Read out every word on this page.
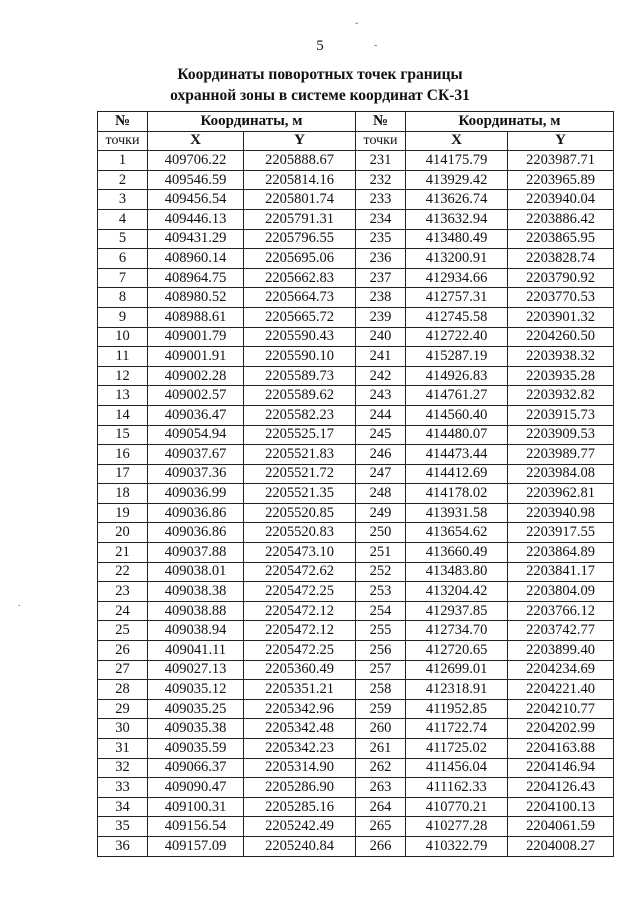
5
Координаты поворотных точек границы
охранной зоны в системе координат СК-31
ˇ
-
.
№	Координаты, м		№	Координаты, м	
точки	X	Y	точки	X	Y
1	409706.22	2205888.67	231	414175.79	2203987.71
2	409546.59	2205814.16	232	413929.42	2203965.89
3	409456.54	2205801.74	233	413626.74	2203940.04
4	409446.13	2205791.31	234	413632.94	2203886.42
5	409431.29	2205796.55	235	413480.49	2203865.95
6	408960.14	2205695.06	236	413200.91	2203828.74
7	408964.75	2205662.83	237	412934.66	2203790.92
8	408980.52	2205664.73	238	412757.31	2203770.53
9	408988.61	2205665.72	239	412745.58	2203901.32
10	409001.79	2205590.43	240	412722.40	2204260.50
11	409001.91	2205590.10	241	415287.19	2203938.32
12	409002.28	2205589.73	242	414926.83	2203935.28
13	409002.57	2205589.62	243	414761.27	2203932.82
14	409036.47	2205582.23	244	414560.40	2203915.73
15	409054.94	2205525.17	245	414480.07	2203909.53
16	409037.67	2205521.83	246	414473.44	2203989.77
17	409037.36	2205521.72	247	414412.69	2203984.08
18	409036.99	2205521.35	248	414178.02	2203962.81
19	409036.86	2205520.85	249	413931.58	2203940.98
20	409036.86	2205520.83	250	413654.62	2203917.55
21	409037.88	2205473.10	251	413660.49	2203864.89
22	409038.01	2205472.62	252	413483.80	2203841.17
23	409038.38	2205472.25	253	413204.42	2203804.09
24	409038.88	2205472.12	254	412937.85	2203766.12
25	409038.94	2205472.12	255	412734.70	2203742.77
26	409041.11	2205472.25	256	412720.65	2203899.40
27	409027.13	2205360.49	257	412699.01	2204234.69
28	409035.12	2205351.21	258	412318.91	2204221.40
29	409035.25	2205342.96	259	411952.85	2204210.77
30	409035.38	2205342.48	260	411722.74	2204202.99
31	409035.59	2205342.23	261	411725.02	2204163.88
32	409066.37	2205314.90	262	411456.04	2204146.94
33	409090.47	2205286.90	263	411162.33	2204126.43
34	409100.31	2205285.16	264	410770.21	2204100.13
35	409156.54	2205242.49	265	410277.28	2204061.59
36	409157.09	2205240.84	266	410322.79	2204008.27
